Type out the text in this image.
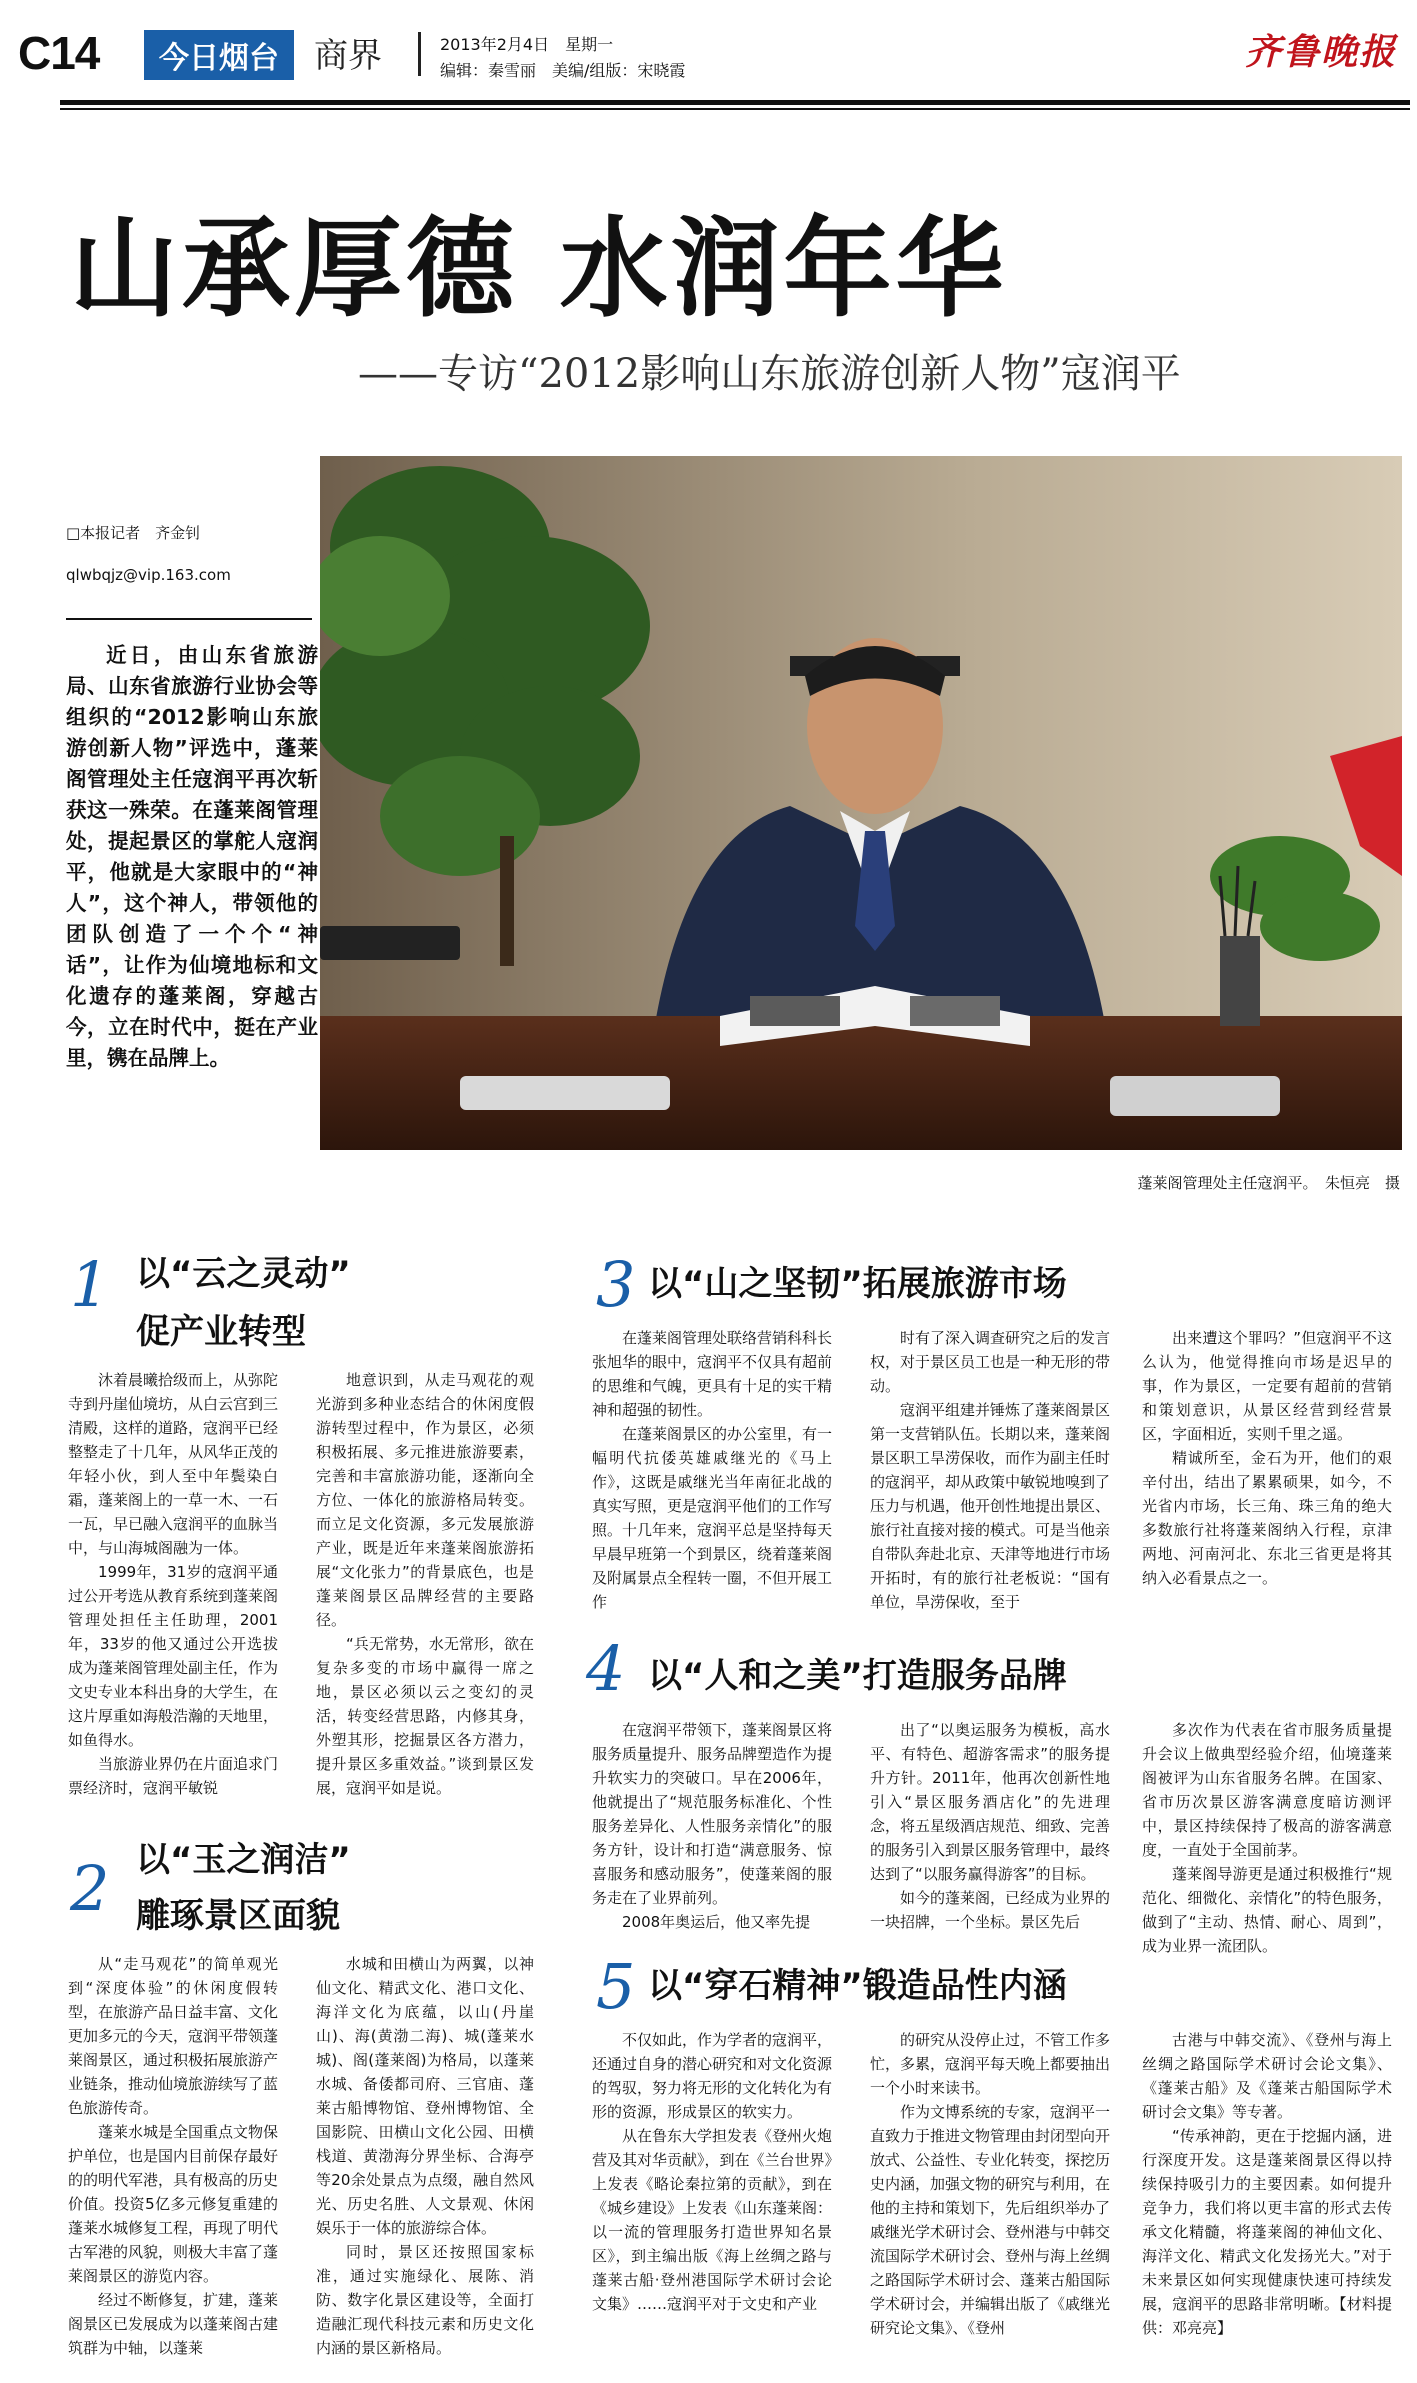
C14	今日烟台	商界	2013年2月4日　星期一
编辑：秦雪丽　美编/组版：宋晓霞	齐鲁晚报
山承厚德 水润年华
——专访“2012影响山东旅游创新人物”寇润平
□本报记者　齐金钊
qlwbqjz@vip.163.com
近日，由山东省旅游局、山东省旅游行业协会等组织的“2012影响山东旅游创新人物”评选中，蓬莱阁管理处主任寇润平再次斩获这一殊荣。在蓬莱阁管理处，提起景区的掌舵人寇润平，他就是大家眼中的“神人”，这个神人，带领他的团队创造了一个个“神话”，让作为仙境地标和文化遗存的蓬莱阁，穿越古今，立在时代中，挺在产业里，镌在品牌上。
蓬莱阁管理处主任寇润平。　朱恒亮　摄
1 以“云之灵动”
促产业转型

沐着晨曦拾级而上，从弥陀寺到丹崖仙境坊，从白云宫到三清殿，这样的道路，寇润平已经整整走了十几年，从风华正茂的年轻小伙，到人至中年鬓染白霜，蓬莱阁上的一草一木、一石一瓦，早已融入寇润平的血脉当中，与山海城阁融为一体。

1999年，31岁的寇润平通过公开考选从教育系统到蓬莱阁管理处担任主任助理，2001年，33岁的他又通过公开选拔成为蓬莱阁管理处副主任，作为文史专业本科出身的大学生，在这片厚重如海般浩瀚的天地里，如鱼得水。

当旅游业界仍在片面追求门票经济时，寇润平敏锐

地意识到，从走马观花的观光游到多种业态结合的休闲度假游转型过程中，作为景区，必须积极拓展、多元推进旅游要素，完善和丰富旅游功能，逐渐向全方位、一体化的旅游格局转变。而立足文化资源，多元发展旅游产业，既是近年来蓬莱阁旅游拓展“文化张力”的背景底色，也是蓬莱阁景区品牌经营的主要路径。

“兵无常势，水无常形，欲在复杂多变的市场中赢得一席之地，景区必须以云之变幻的灵活，转变经营思路，内修其身，外塑其形，挖掘景区各方潜力，提升景区多重效益。”谈到景区发展，寇润平如是说。

2 以“玉之润洁”
雕琢景区面貌

从“走马观花”的简单观光到“深度体验”的休闲度假转型，在旅游产品日益丰富、文化更加多元的今天，寇润平带领蓬莱阁景区，通过积极拓展旅游产业链条，推动仙境旅游续写了蓝色旅游传奇。

蓬莱水城是全国重点文物保护单位，也是国内目前保存最好的的明代军港，具有极高的历史价值。投资5亿多元修复重建的蓬莱水城修复工程，再现了明代古军港的风貌，则极大丰富了蓬莱阁景区的游览内容。

经过不断修复，扩建，蓬莱阁景区已发展成为以蓬莱阁古建筑群为中轴，以蓬莱

水城和田横山为两翼，以神仙文化、精武文化、港口文化、海洋文化为底蕴，以山(丹崖山)、海(黄渤二海)、城(蓬莱水城)、阁(蓬莱阁)为格局，以蓬莱水城、备倭都司府、三官庙、蓬莱古船博物馆、登州博物馆、全国影院、田横山文化公园、田横栈道、黄渤海分界坐标、合海亭等20余处景点为点缀，融自然风光、历史名胜、人文景观、休闲娱乐于一体的旅游综合体。

同时，景区还按照国家标准，通过实施绿化、展陈、消防、数字化景区建设等，全面打造融汇现代科技元素和历史文化内涵的景区新格局。

3 以“山之坚韧”拓展旅游市场

在蓬莱阁管理处联络营销科科长张旭华的眼中，寇润平不仅具有超前的思维和气魄，更具有十足的实干精神和超强的韧性。

在蓬莱阁景区的办公室里，有一幅明代抗倭英雄戚继光的《马上作》，这既是戚继光当年南征北战的真实写照，更是寇润平他们的工作写照。十几年来，寇润平总是坚持每天早晨早班第一个到景区，绕着蓬莱阁及附属景点全程转一圈，不但开展工作

时有了深入调查研究之后的发言权，对于景区员工也是一种无形的带动。

寇润平组建并锤炼了蓬莱阁景区第一支营销队伍。长期以来，蓬莱阁景区职工旱涝保收，而作为副主任时的寇润平，却从政策中敏锐地嗅到了压力与机遇，他开创性地提出景区、旅行社直接对接的模式。可是当他亲自带队奔赴北京、天津等地进行市场开拓时，有的旅行社老板说：“国有单位，旱涝保收，至于

出来遭这个罪吗？”但寇润平不这么认为，他觉得推向市场是迟早的事，作为景区，一定要有超前的营销和策划意识，从景区经营到经营景区，字面相近，实则千里之遥。

精诚所至，金石为开，他们的艰辛付出，结出了累累硕果，如今，不光省内市场，长三角、珠三角的绝大多数旅行社将蓬莱阁纳入行程，京津两地、河南河北、东北三省更是将其纳入必看景点之一。

4 以“人和之美”打造服务品牌

在寇润平带领下，蓬莱阁景区将服务质量提升、服务品牌塑造作为提升软实力的突破口。早在2006年，他就提出了“规范服务标准化、个性服务差异化、人性服务亲情化”的服务方针，设计和打造“满意服务、惊喜服务和感动服务”，使蓬莱阁的服务走在了业界前列。

2008年奥运后，他又率先提

出了“以奥运服务为模板，高水平、有特色、超游客需求”的服务提升方针。2011年，他再次创新性地引入“景区服务酒店化”的先进理念，将五星级酒店规范、细致、完善的服务引入到景区服务管理中，最终达到了“以服务赢得游客”的目标。

如今的蓬莱阁，已经成为业界的一块招牌，一个坐标。景区先后

多次作为代表在省市服务质量提升会议上做典型经验介绍，仙境蓬莱阁被评为山东省服务名牌。在国家、省市历次景区游客满意度暗访测评中，景区持续保持了极高的游客满意度，一直处于全国前茅。

蓬莱阁导游更是通过积极推行“规范化、细微化、亲情化”的特色服务，做到了“主动、热情、耐心、周到”，成为业界一流团队。

5 以“穿石精神”锻造品性内涵

不仅如此，作为学者的寇润平，还通过自身的潜心研究和对文化资源的驾驭，努力将无形的文化转化为有形的资源，形成景区的软实力。

从在鲁东大学担发表《登州火炮营及其对华贡献》，到在《兰台世界》上发表《略论秦拉第的贡献》，到在《城乡建设》上发表《山东蓬莱阁：以一流的管理服务打造世界知名景区》，到主编出版《海上丝绸之路与蓬莱古船·登州港国际学术研讨会论文集》……寇润平对于文史和产业

的研究从没停止过，不管工作多忙，多累，寇润平每天晚上都要抽出一个小时来读书。

作为文博系统的专家，寇润平一直致力于推进文物管理由封闭型向开放式、公益性、专业化转变，探挖历史内涵，加强文物的研究与利用，在他的主持和策划下，先后组织举办了戚继光学术研讨会、登州港与中韩交流国际学术研讨会、登州与海上丝绸之路国际学术研讨会、蓬莱古船国际学术研讨会，并编辑出版了《戚继光研究论文集》、《登州

古港与中韩交流》、《登州与海上丝绸之路国际学术研讨会论文集》、《蓬莱古船》及《蓬莱古船国际学术研讨会文集》等专著。

“传承神韵，更在于挖掘内涵，进行深度开发。这是蓬莱阁景区得以持续保持吸引力的主要因素。如何提升竞争力，我们将以更丰富的形式去传承文化精髓，将蓬莱阁的神仙文化、海洋文化、精武文化发扬光大。”对于未来景区如何实现健康快速可持续发展，寇润平的思路非常明晰。【材料提供：邓亮亮】
